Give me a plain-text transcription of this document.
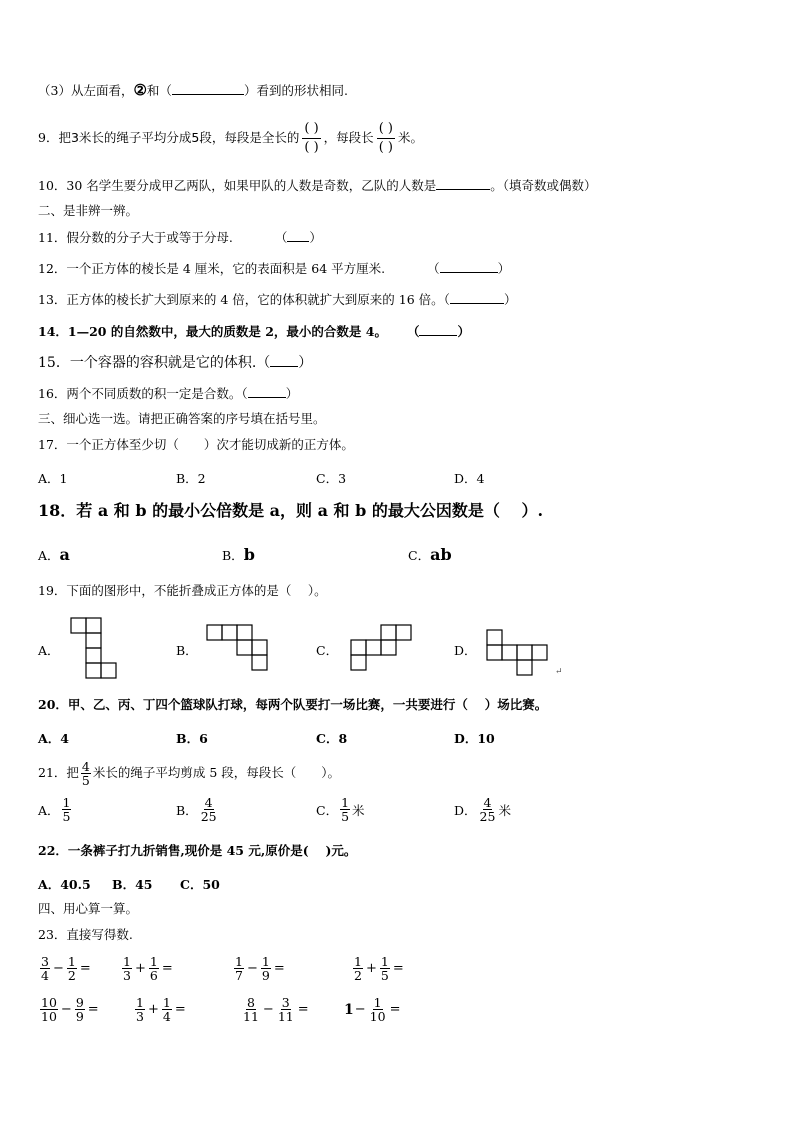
（3）从左面看，②和（	）看到的形状相同.
9．把 3 米长的绳子平均分成 5 段，每段是全长的 $\frac{( )}{( )}$ ，每段长 $\frac{( )}{( )}$ 米。
10．30 名学生要分成甲乙两队，如果甲队的人数是奇数，乙队的人数是	。（填奇数或偶数）
二、是非辨一辨。
11．假分数的分子大于或等于分母.	（ ）
12．一个正方体的棱长是 4 厘米，它的表面积是 64 平方厘米.	（	）
13．正方体的棱长扩大到原来的 4 倍，它的体积就扩大到原来的 16 倍。（	）
14．1—20 的自然数中，最大的质数是 2，最小的合数是 4。 （	）
15．一个容器的容积就是它的体积.（ ）
16．两个不同质数的积一定是合数。（	）
三、细心选一选。请把正确答案的序号填在括号里。
17．一个正方体至少切（　　）次才能切成新的正方体。
A．1	B．2	C．3	D．4
18．若 a 和 b 的最小公倍数是 a，则 a 和 b 的最大公因数是（　 ）.
A．a	B．b	C．ab
19．下面的图形中，不能折叠成正方体的是（　 ）。
A．	B．	C．	D．
↵
20．甲、乙、丙、丁四个篮球队打球，每两个队要打一场比赛，一共要进行（　 ）场比赛。
A．4	B．6	C．8	D．10
21．把 $\frac{4}{5}$ 米长的绳子平均剪成 5 段，每段长（　　）。
A． $\frac{1}{5}$	B． $\frac{4}{25}$	C． $\frac{1}{5}$ 米	D． $\frac{4}{25}$ 米
22．一条裤子打九折销售,现价是 45 元,原价是(　 )元。
A．40.5 B．45 C．50
四、用心算一算。
23．直接写得数.
$\frac{3}{4} - \frac{1}{2}$ =	$\frac{1}{3} + \frac{1}{6}$ =	$\frac{1}{7} - \frac{1}{9}$ =	$\frac{1}{2} + \frac{1}{5}$ =
$\frac{10}{10} - \frac{9}{9}$ =	$\frac{1}{3} + \frac{1}{4}$ =	$\frac{8}{11} - \frac{3}{11}$ =	$1 - \frac{1}{10}$ =
